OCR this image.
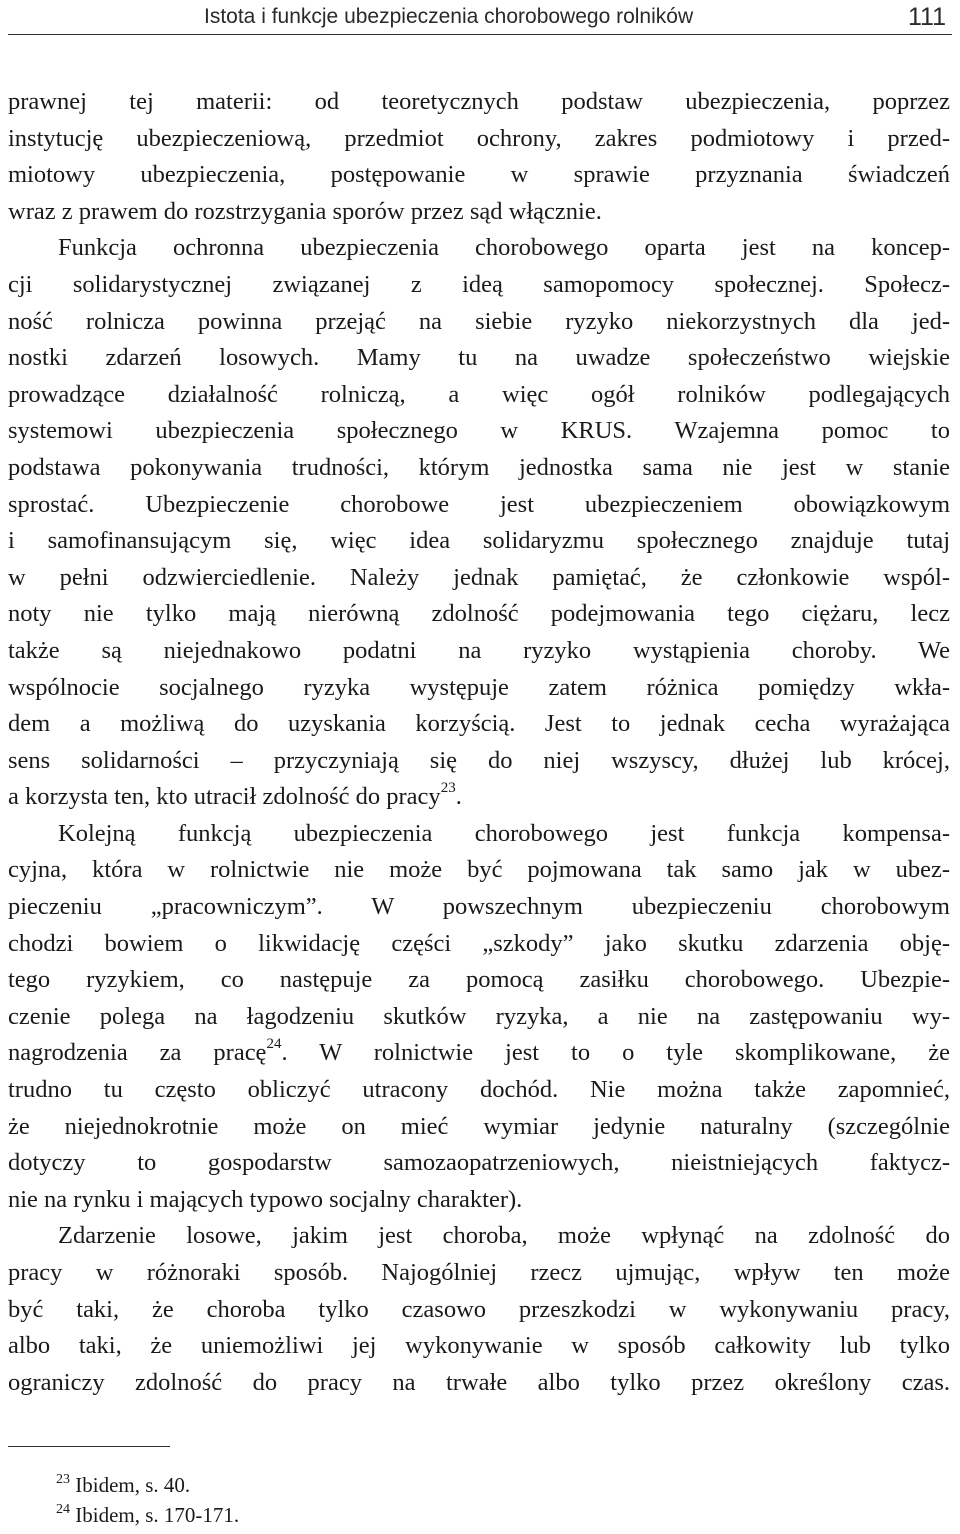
Istota i funkcje ubezpieczenia chorobowego rolników	111
prawnej tej materii: od teoretycznych podstaw ubezpieczenia, poprzez
instytucję ubezpieczeniową, przedmiot ochrony, zakres podmiotowy i przed-
miotowy ubezpieczenia, postępowanie w sprawie przyznania świadczeń
wraz z prawem do rozstrzygania sporów przez sąd włącznie.
Funkcja ochronna ubezpieczenia chorobowego oparta jest na koncep-
cji solidarystycznej związanej z ideą samopomocy społecznej. Społecz-
ność rolnicza powinna przejąć na siebie ryzyko niekorzystnych dla jed-
nostki zdarzeń losowych. Mamy tu na uwadze społeczeństwo wiejskie
prowadzące działalność rolniczą, a więc ogół rolników podlegających
systemowi ubezpieczenia społecznego w KRUS. Wzajemna pomoc to
podstawa pokonywania trudności, którym jednostka sama nie jest w stanie
sprostać. Ubezpieczenie chorobowe jest ubezpieczeniem obowiązkowym
i samofinansującym się, więc idea solidaryzmu społecznego znajduje tutaj
w pełni odzwierciedlenie. Należy jednak pamiętać, że członkowie wspól-
noty nie tylko mają nierówną zdolność podejmowania tego ciężaru, lecz
także są niejednakowo podatni na ryzyko wystąpienia choroby. We
wspólnocie socjalnego ryzyka występuje zatem różnica pomiędzy wkła-
dem a możliwą do uzyskania korzyścią. Jest to jednak cecha wyrażająca
sens solidarności – przyczyniają się do niej wszyscy, dłużej lub krócej,
a korzysta ten, kto utracił zdolność do pracy$^{23}$.
Kolejną funkcją ubezpieczenia chorobowego jest funkcja kompensa-
cyjna, która w rolnictwie nie może być pojmowana tak samo jak w ubez-
pieczeniu „pracowniczym”. W powszechnym ubezpieczeniu chorobowym
chodzi bowiem o likwidację części „szkody” jako skutku zdarzenia obję-
tego ryzykiem, co następuje za pomocą zasiłku chorobowego. Ubezpie-
czenie polega na łagodzeniu skutków ryzyka, a nie na zastępowaniu wy-
nagrodzenia za pracę$^{24}$. W rolnictwie jest to o tyle skomplikowane, że
trudno tu często obliczyć utracony dochód. Nie można także zapomnieć,
że niejednokrotnie może on mieć wymiar jedynie naturalny (szczególnie
dotyczy to gospodarstw samozaopatrzeniowych, nieistniejących faktycz-
nie na rynku i mających typowo socjalny charakter).
Zdarzenie losowe, jakim jest choroba, może wpłynąć na zdolność do
pracy w różnoraki sposób. Najogólniej rzecz ujmując, wpływ ten może
być taki, że choroba tylko czasowo przeszkodzi w wykonywaniu pracy,
albo taki, że uniemożliwi jej wykonywanie w sposób całkowity lub tylko
ograniczy zdolność do pracy na trwałe albo tylko przez określony czas.
$^{23}$ Ibidem, s. 40.
$^{24}$ Ibidem, s. 170-171.
